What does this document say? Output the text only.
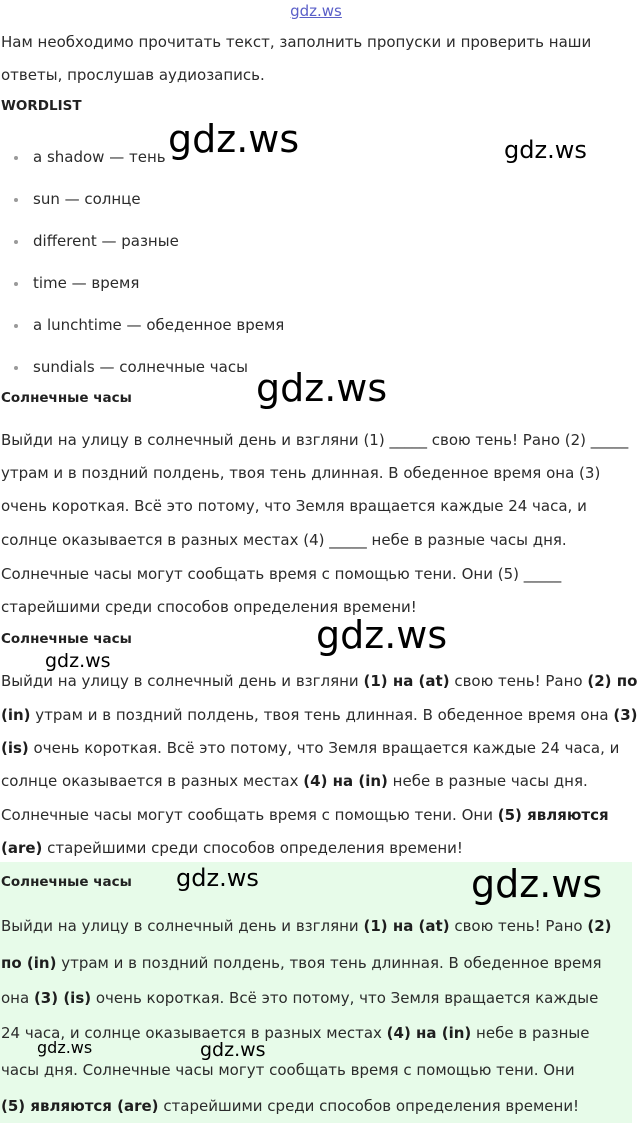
gdz.ws
Нам необходимо прочитать текст, заполнить пропуски и проверить наши
ответы, прослушав аудиозапись.
WORDLIST
a shadow — тень
sun — солнце
different — разные
time — время
a lunchtime — обеденное время
sundials — солнечные часы
Солнечные часы
Выйди на улицу в солнечный день и взгляни (1) _____ свою тень! Рано (2) _____
утрам и в поздний полдень, твоя тень длинная. В обеденное время она (3)
очень короткая. Всё это потому, что Земля вращается каждые 24 часа, и
солнце оказывается в разных местах (4) _____ небе в разные часы дня.
Солнечные часы могут сообщать время с помощью тени. Они (5) _____
старейшими среди способов определения времени!
Солнечные часы
Выйди на улицу в солнечный день и взгляни (1) на (at) свою тень! Рано (2) по
(in) утрам и в поздний полдень, твоя тень длинная. В обеденное время она (3)
(is) очень короткая. Всё это потому, что Земля вращается каждые 24 часа, и
солнце оказывается в разных местах (4) на (in) небе в разные часы дня.
Солнечные часы могут сообщать время с помощью тени. Они (5) являются
(are) старейшими среди способов определения времени!
Солнечные часы
Выйди на улицу в солнечный день и взгляни (1) на (at) свою тень! Рано (2)
по (in) утрам и в поздний полдень, твоя тень длинная. В обеденное время
она (3) (is) очень короткая. Всё это потому, что Земля вращается каждые
24 часа, и солнце оказывается в разных местах (4) на (in) небе в разные
часы дня. Солнечные часы могут сообщать время с помощью тени. Они
(5) являются (are) старейшими среди способов определения времени!
gdz.ws	gdz.ws
gdz.ws
gdz.ws
gdz.ws
gdz.ws	gdz.ws
gdz.ws	gdz.ws
